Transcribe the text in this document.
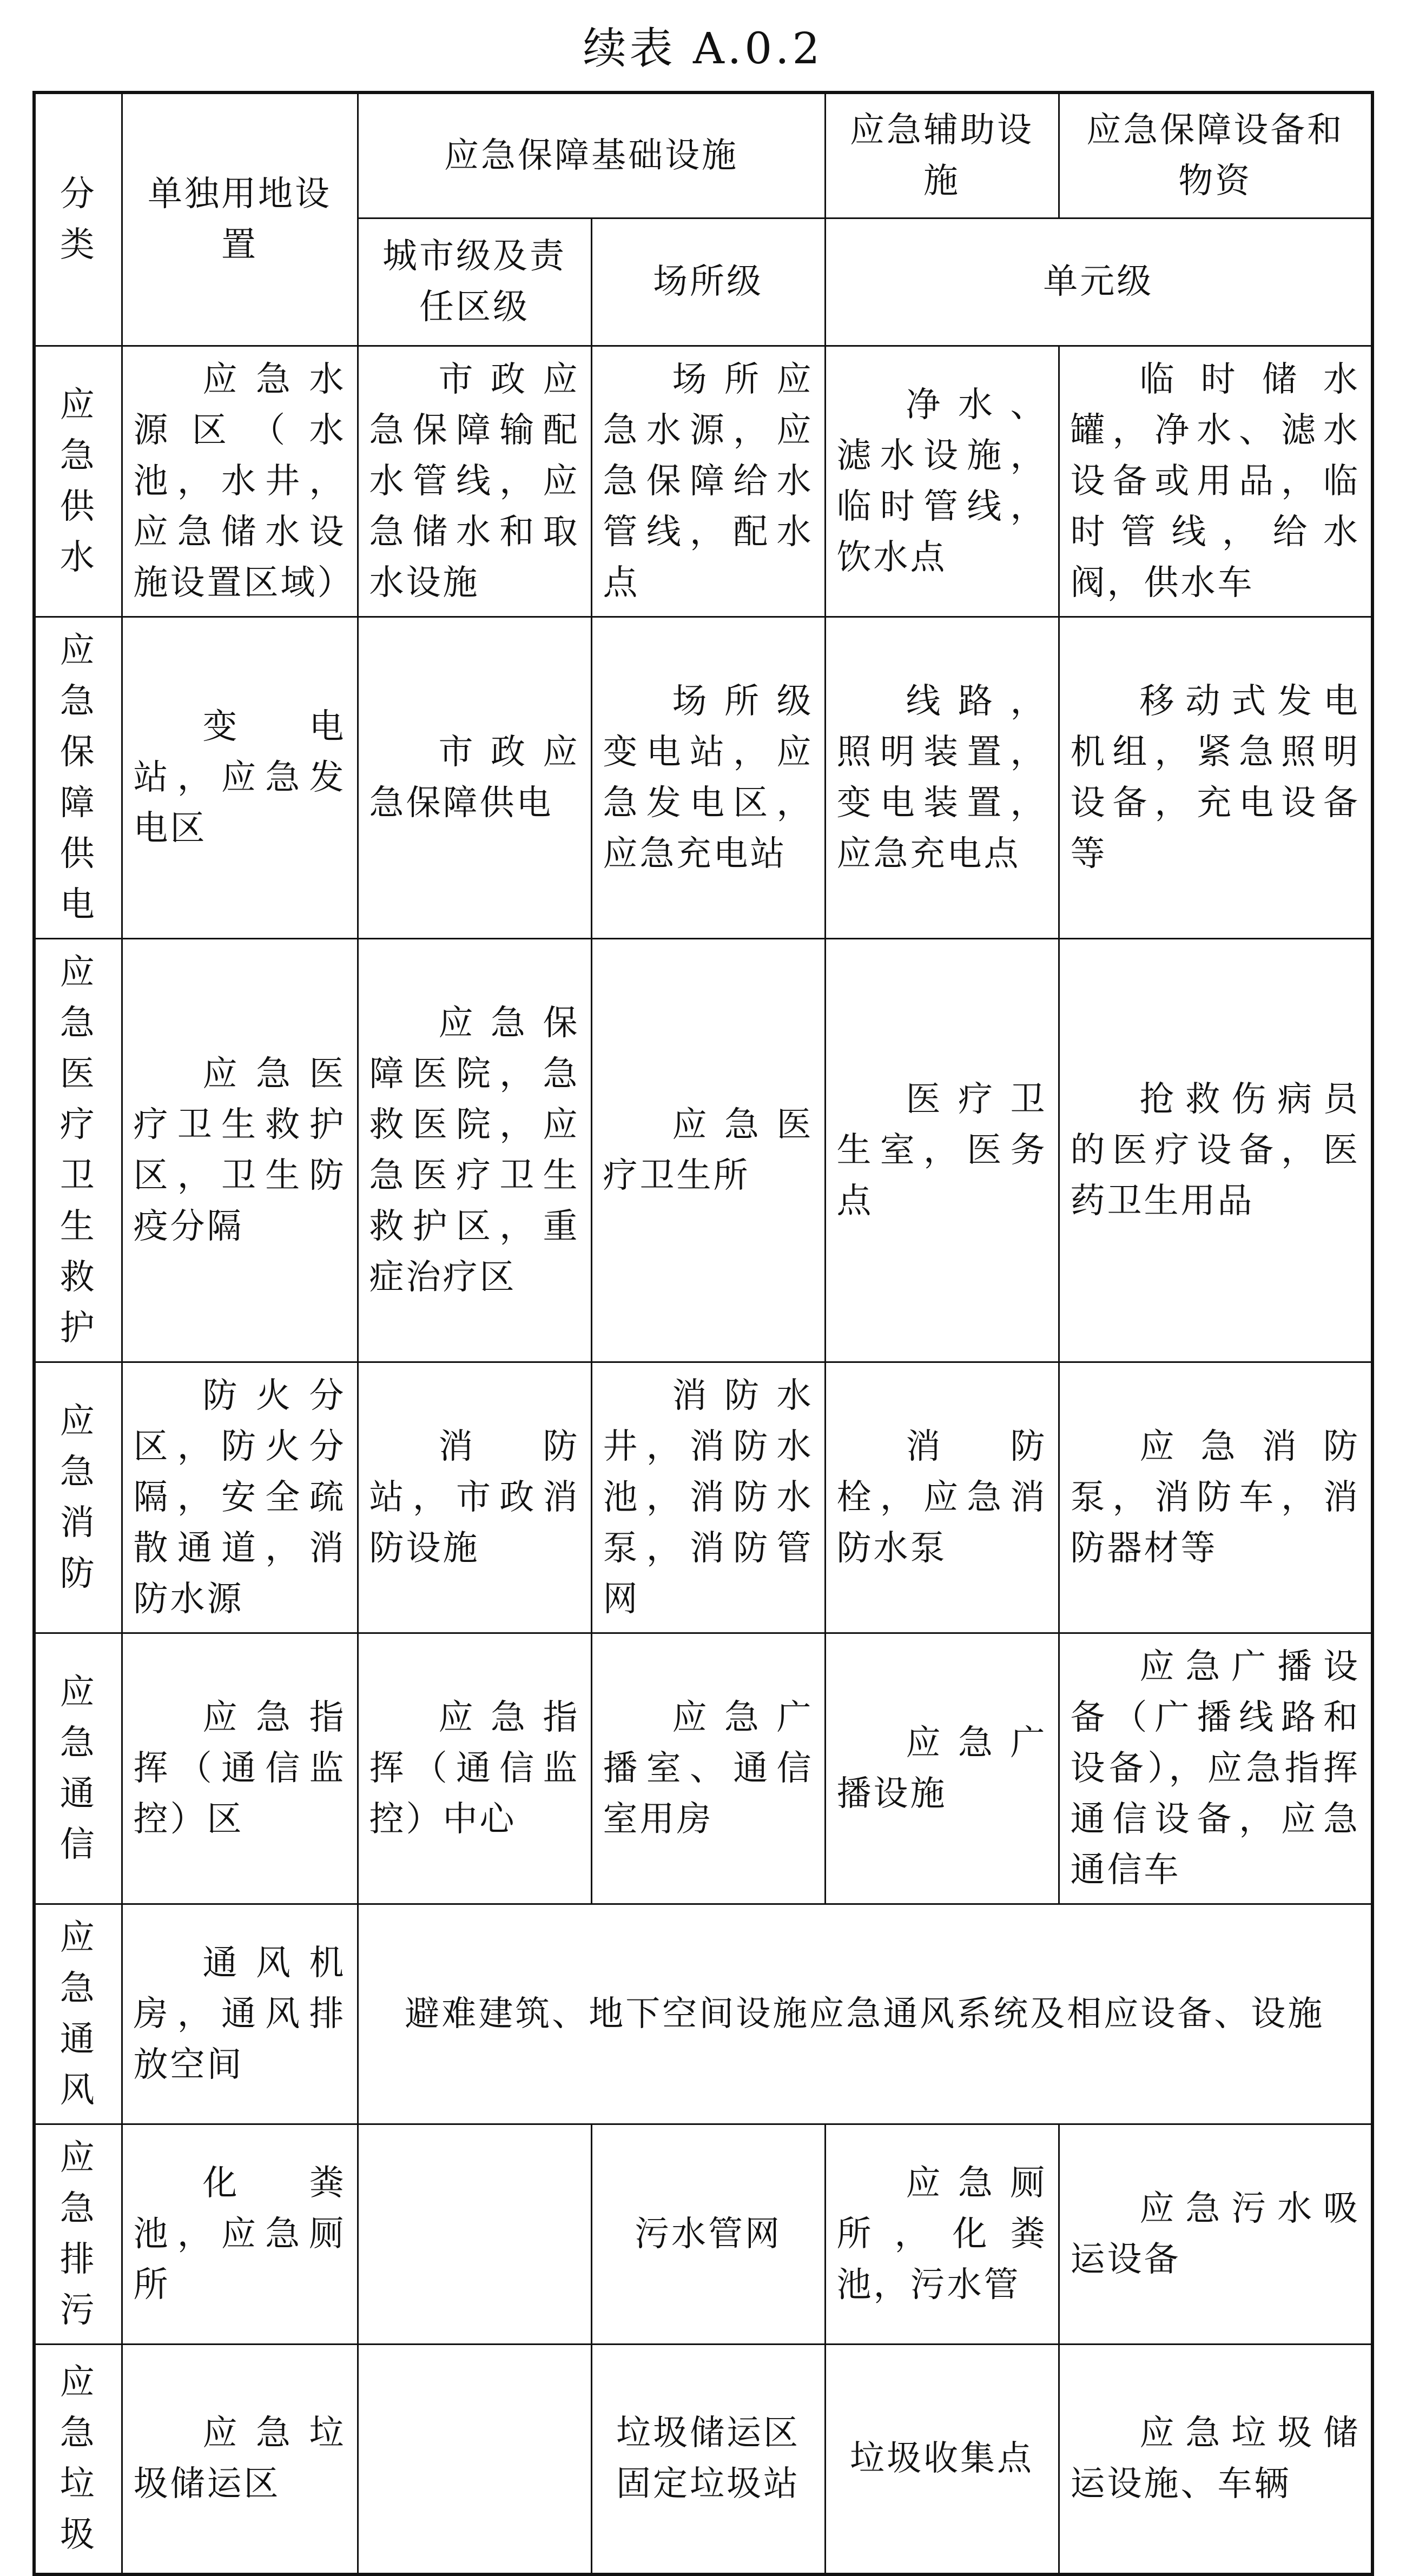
续表 A.0.2
分类	单独用地设置	应急保障基础设施		应急辅助设施	应急保障设备和物资
		城市级及责任区级	场所级	单元级	
应急供水	应急水源区（水池，水井，应急储水设施设置区域）	市政应急保障输配水管线，应急储水和取水设施	场所应急水源，应急保障给水管线，配水点	净水、滤水设施，临时管线，饮水点	临时储水罐，净水、滤水设备或用品，临时管线，给水阀，供水车
应急保障供电	变电站，应急发电区	市政应急保障供电	场所级变电站，应急发电区，应急充电站	线路，照明装置，变电装置，应急充电点	移动式发电机组，紧急照明设备，充电设备等
应急医疗卫生救护	应急医疗卫生救护区，卫生防疫分隔	应急保障医院，急救医院，应急医疗卫生救护区，重症治疗区	应急医疗卫生所	医疗卫生室，医务点	抢救伤病员的医疗设备，医药卫生用品
应急消防	防火分区，防火分隔，安全疏散通道，消防水源	消防站，市政消防设施	消防水井，消防水池，消防水泵，消防管网	消防栓，应急消防水泵	应急消防泵，消防车，消防器材等
应急通信	应急指挥（通信监控）区	应急指挥（通信监控）中心	应急广播室、通信室用房	应急广播设施	应急广播设备（广播线路和设备），应急指挥通信设备，应急通信车
应急通风	通风机房，通风排放空间	避难建筑、地下空间设施应急通风系统及相应设备、设施			
应急排污	化粪池，应急厕所		污水管网	应急厕所，化粪池，污水管	应急污水吸运设备
应急垃圾	应急垃圾储运区		垃圾储运区固定垃圾站	垃圾收集点	应急垃圾储运设施、车辆
